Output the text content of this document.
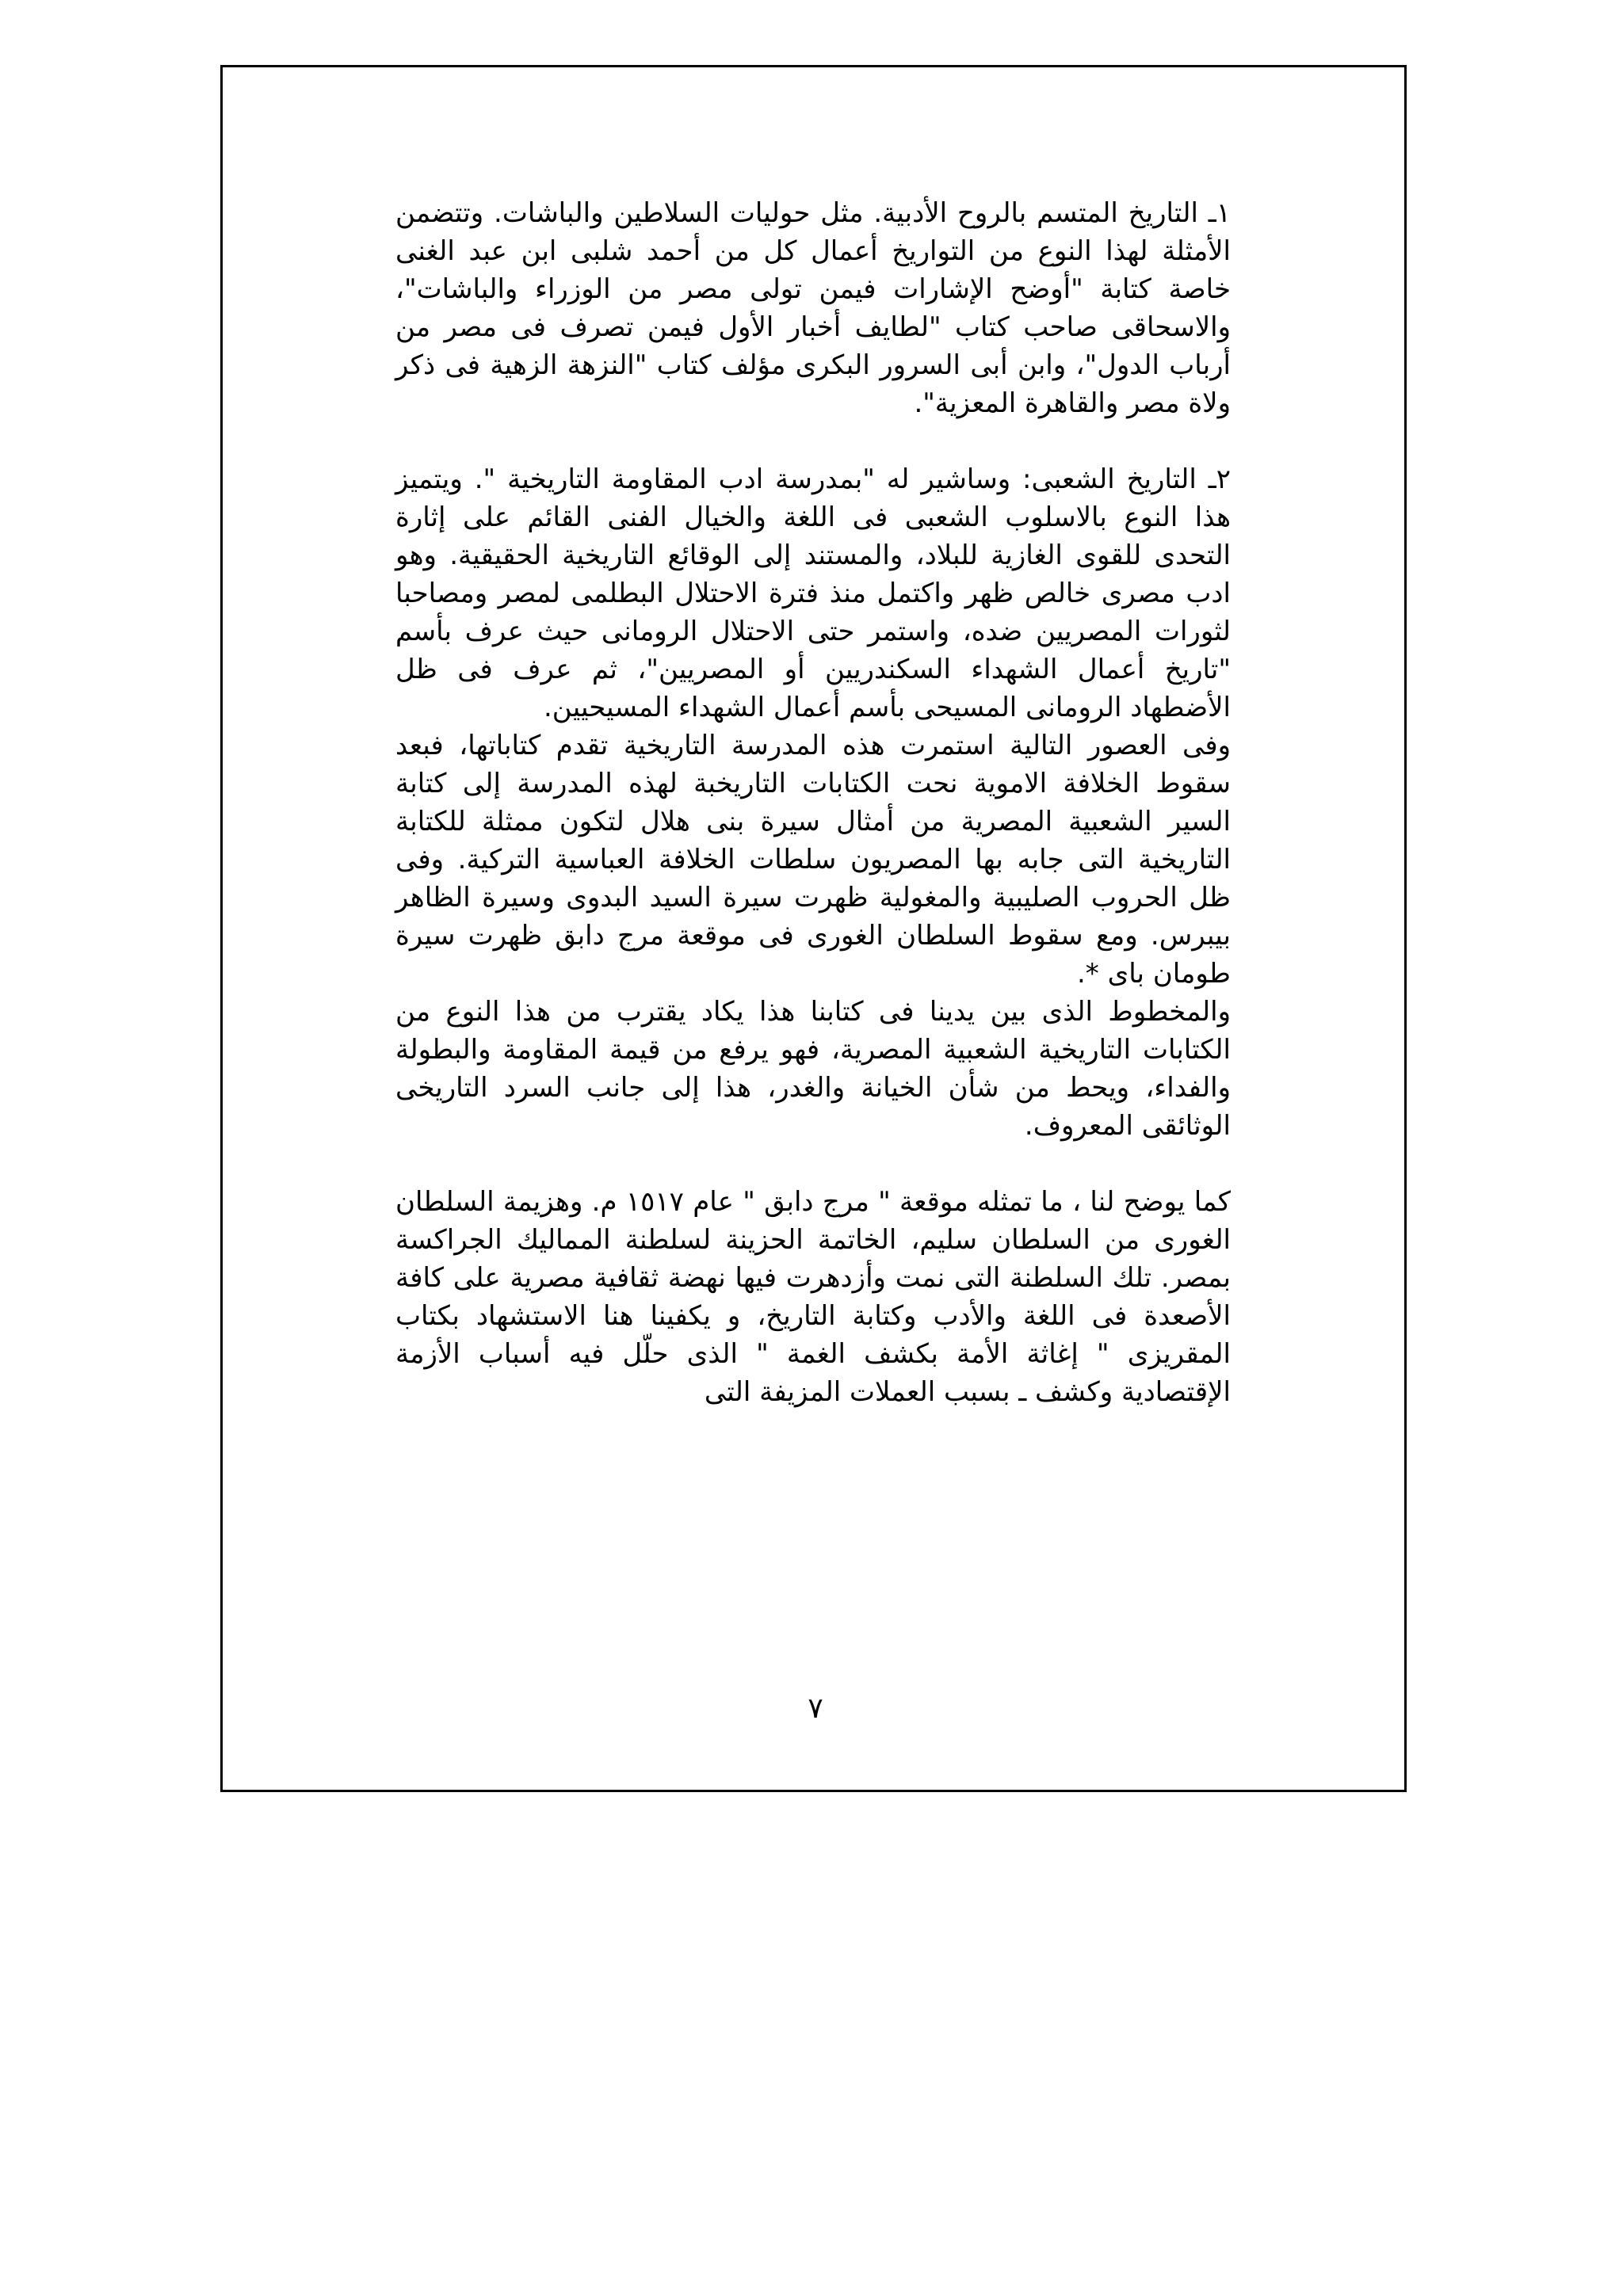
١ـ التاريخ المتسم بالروح الأدبية. مثل حوليات السلاطين والباشات. وتتضمن الأمثلة لهذا النوع من التواريخ أعمال كل من أحمد شلبى ابن عبد الغنى خاصة كتابة "أوضح الإشارات فيمن تولى مصر من الوزراء والباشات"، والاسحاقى صاحب كتاب "لطايف أخبار الأول فيمن تصرف فى مصر من أرباب الدول"، وابن أبى السرور البكرى مؤلف كتاب "النزهة الزهية فى ذكر ولاة مصر والقاهرة المعزية".

٢ـ التاريخ الشعبى: وساشير له "بمدرسة ادب المقاومة التاريخية ". ويتميز هذا النوع بالاسلوب الشعبى فى اللغة والخيال الفنى القائم على إثارة التحدى للقوى الغازية للبلاد، والمستند إلى الوقائع التاريخية الحقيقية. وهو ادب مصرى خالص ظهر واكتمل منذ فترة الاحتلال البطلمى لمصر ومصاحبا لثورات المصريين ضده، واستمر حتى الاحتلال الرومانى حيث عرف بأسم "تاريخ أعمال الشهداء السكندريين أو المصريين"، ثم عرف فى ظل الأضطهاد الرومانى المسيحى بأسم أعمال الشهداء المسيحيين.

وفى العصور التالية استمرت هذه المدرسة التاريخية تقدم كتاباتها، فبعد سقوط الخلافة الاموية نحت الكتابات التاريخبة لهذه المدرسة إلى كتابة السير الشعبية المصرية من أمثال سيرة بنى هلال لتكون ممثلة للكتابة التاريخية التى جابه بها المصريون سلطات الخلافة العباسية التركية. وفى ظل الحروب الصليبية والمغولية ظهرت سيرة السيد البدوى وسيرة الظاهر بيبرس. ومع سقوط السلطان الغورى فى موقعة مرج دابق ظهرت سيرة طومان باى *.

والمخطوط الذى بين يدينا فى كتابنا هذا يكاد يقترب من هذا النوع من الكتابات التاريخية الشعبية المصرية، فهو يرفع من قيمة المقاومة والبطولة والفداء، ويحط من شأن الخيانة والغدر، هذا إلى جانب السرد التاريخى الوثائقى المعروف.

كما يوضح لنا ، ما تمثله موقعة " مرج دابق " عام ١٥١٧ م. وهزيمة السلطان الغورى من السلطان سليم، الخاتمة الحزينة لسلطنة المماليك الجراكسة بمصر. تلك السلطنة التى نمت وأزدهرت فيها نهضة ثقافية مصرية على كافة الأصعدة فى اللغة والأدب وكتابة التاريخ، و يكفينا هنا الاستشهاد بكتاب المقريزى " إغاثة الأمة بكشف الغمة " الذى حلّل فيه أسباب الأزمة الإقتصادية وكشف ـ بسبب العملات المزيفة التى

٧
